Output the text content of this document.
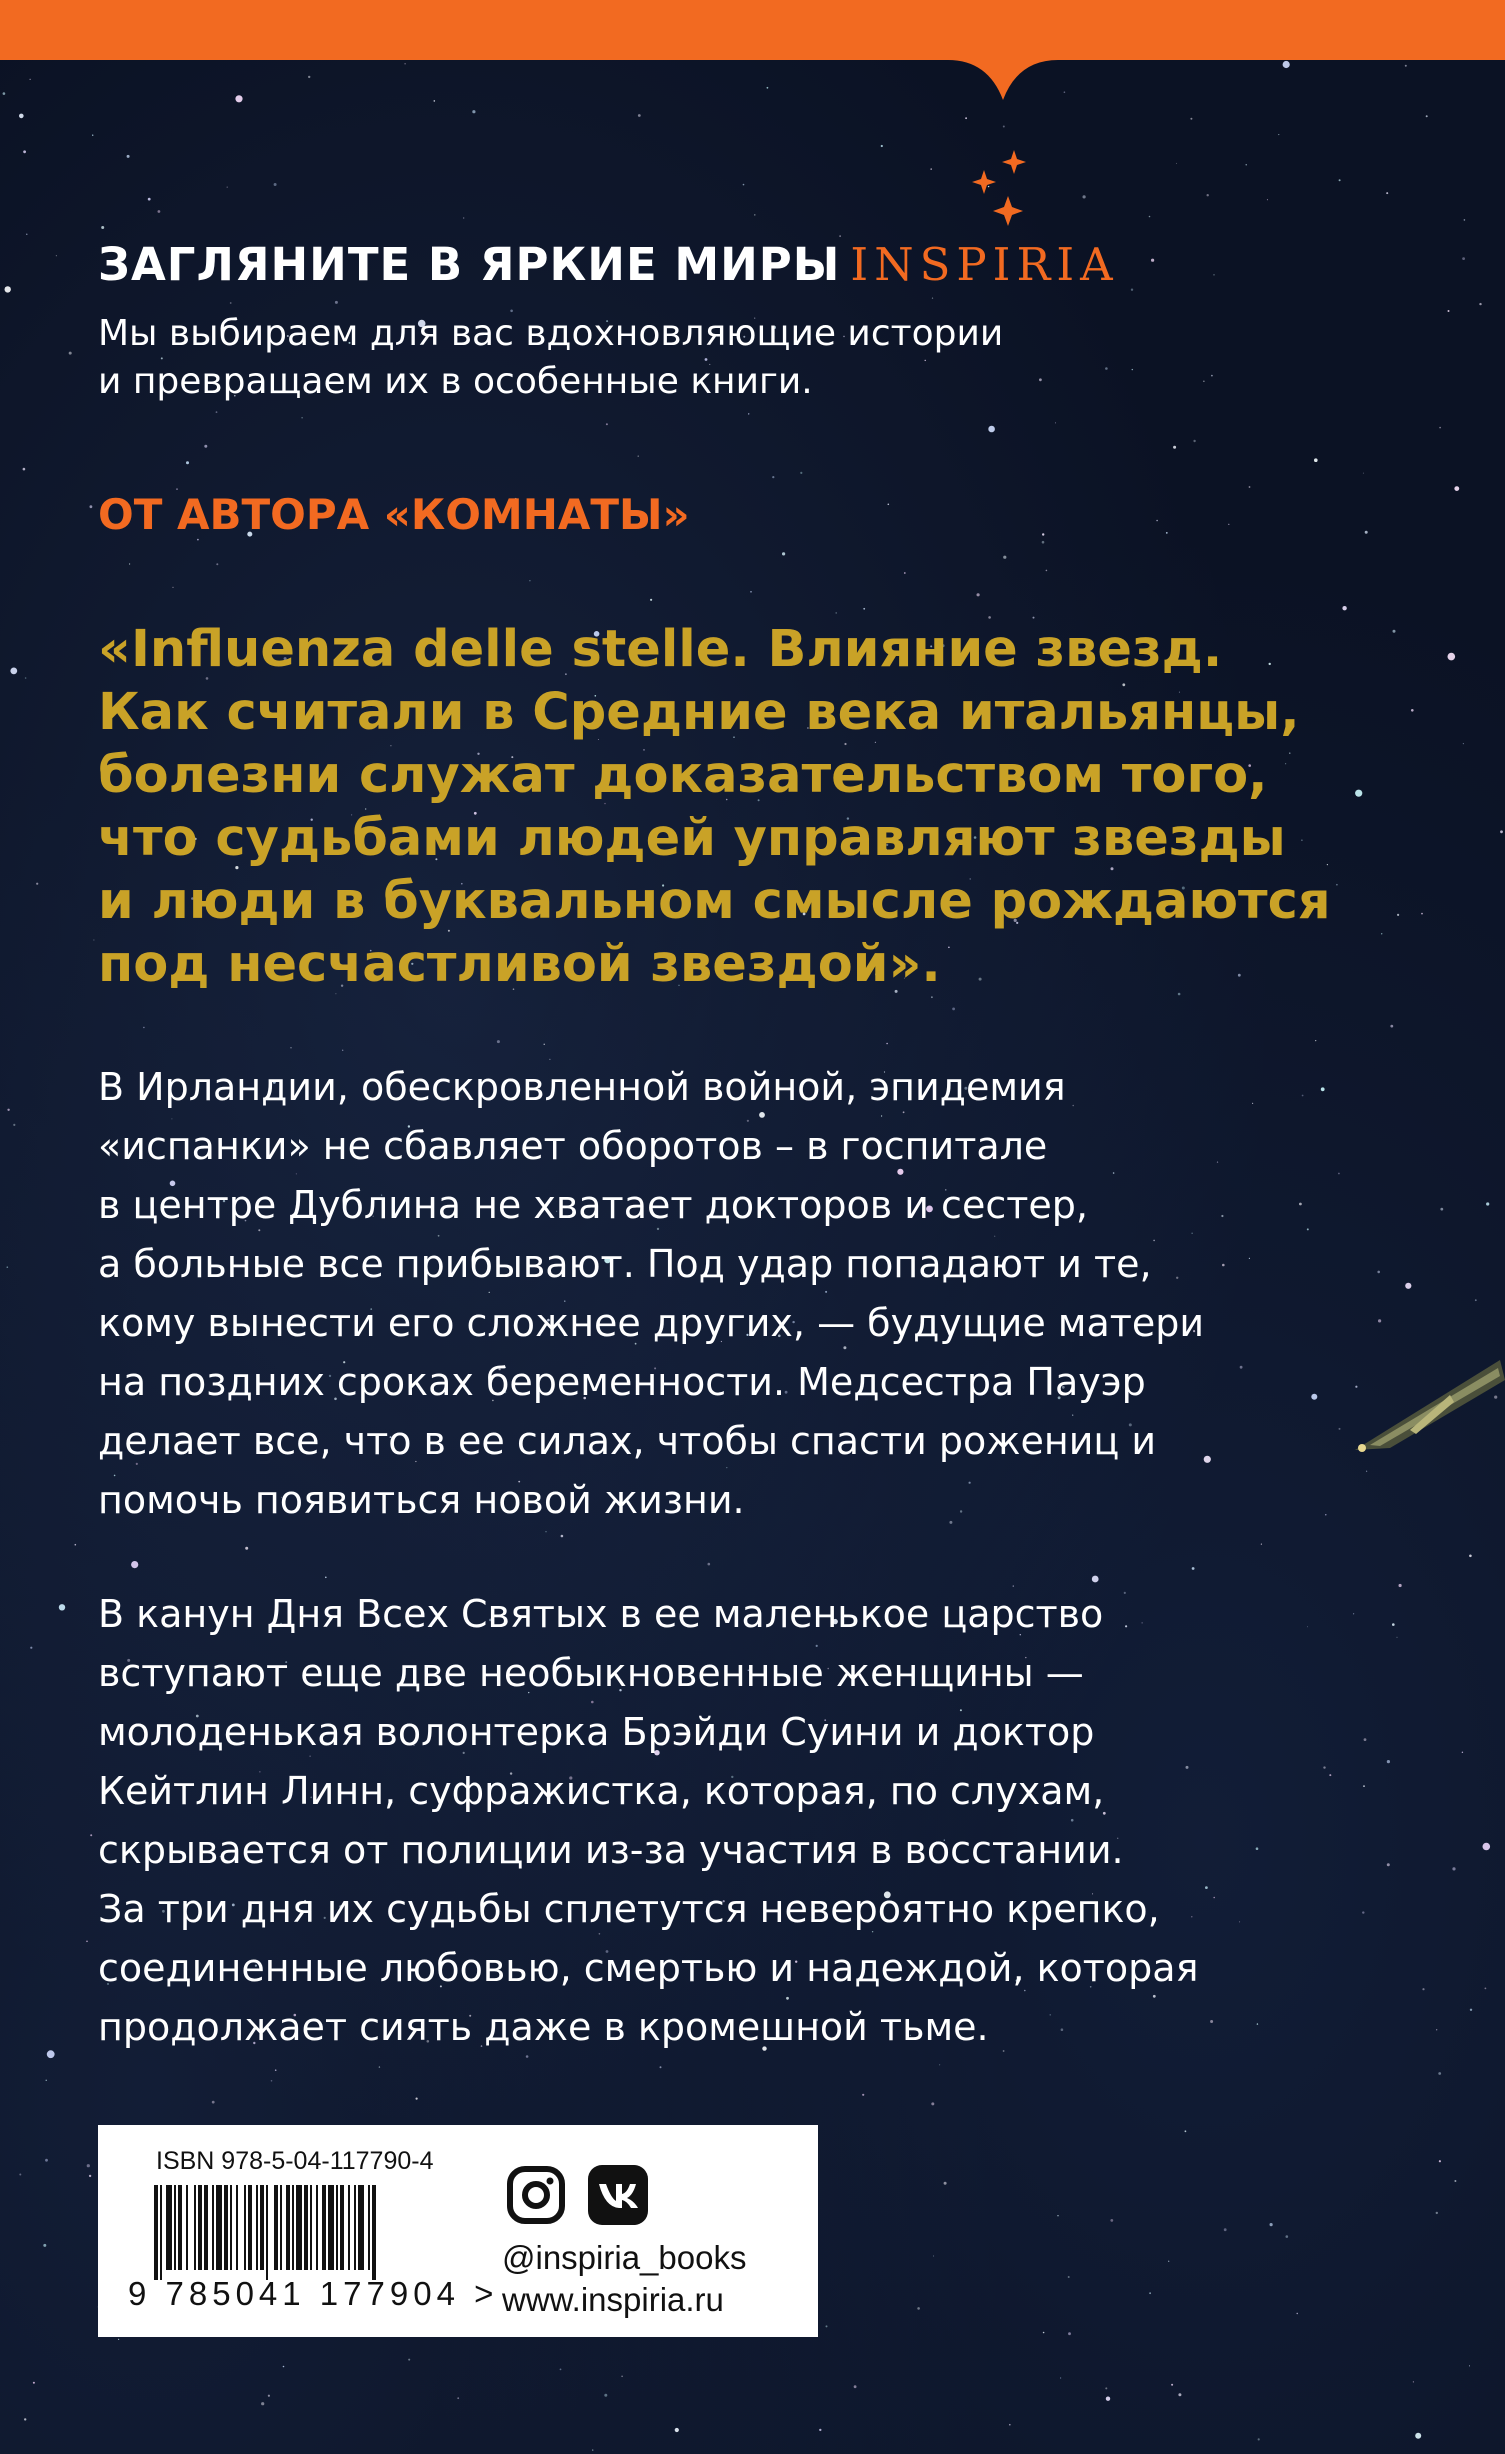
ЗАГЛЯНИТЕ В ЯРКИЕ МИРЫ INSPIRIA

Мы выбираем для вас вдохновляющие истории

и превращаем их в особенные книги.

ОТ АВТОРА «КОМНАТЫ»

«Influenza delle stelle. Влияние звезд.

Как считали в Средние века итальянцы,

болезни служат доказательством того,

что судьбами людей управляют звезды

и люди в буквальном смысле рождаются

под несчастливой звездой».

В Ирландии, обескровленной войной, эпидемия

«испанки» не сбавляет оборотов – в госпитале

в центре Дублина не хватает докторов и сестер,

а больные все прибывают. Под удар попадают и те,

кому вынести его сложнее других, — будущие матери

на поздних сроках беременности. Медсестра Пауэр

делает все, что в ее силах, чтобы спасти рожениц и

помочь появиться новой жизни.

В канун Дня Всех Святых в ее маленькое царство

вступают еще две необыкновенные женщины —

молоденькая волонтерка Брэйди Суини и доктор

Кейтлин Линн, суфражистка, которая, по слухам,

скрывается от полиции из-за участия в восстании.

За три дня их судьбы сплетутся невероятно крепко,

соединенные любовью, смертью и надеждой, которая

продолжает сиять даже в кромешной тьме.

ISBN 978-5-04-117790-4
9 785041 177904 >
@inspiria_books
www.inspiria.ru
